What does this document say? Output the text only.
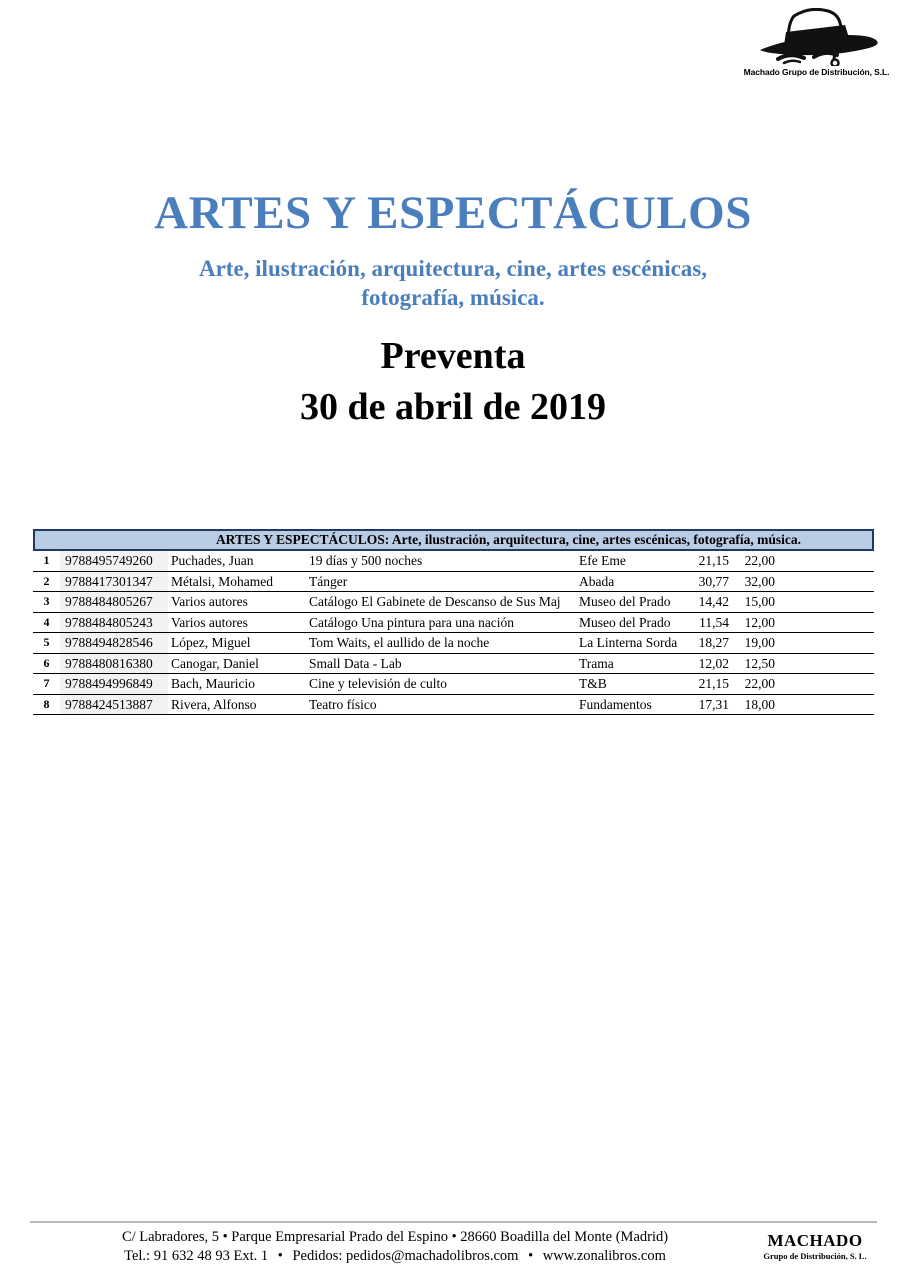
Machado Grupo de Distribución, S.L.
ARTES Y ESPECTÁCULOS
Arte, ilustración, arquitectura, cine, artes escénicas,
fotografía, música.
Preventa
30 de abril de 2019
ARTES Y ESPECTÁCULOS: Arte, ilustración, arquitectura, cine, artes escénicas, fotografía, música.
1	9788495749260	Puchades, Juan	19 días y 500 noches	Efe Eme	21,15	22,00
2	9788417301347	Métalsi, Mohamed	Tánger	Abada	30,77	32,00
3	9788484805267	Varios autores	Catálogo El Gabinete de Descanso de Sus Maj	Museo del Prado	14,42	15,00
4	9788484805243	Varios autores	Catálogo Una pintura para una nación	Museo del Prado	11,54	12,00
5	9788494828546	López, Miguel	Tom Waits, el aullido de la noche	La Linterna Sorda	18,27	19,00
6	9788480816380	Canogar, Daniel	Small Data - Lab	Trama	12,02	12,50
7	9788494996849	Bach, Mauricio	Cine y televisión de culto	T&B	21,15	22,00
8	9788424513887	Rivera, Alfonso	Teatro físico	Fundamentos	17,31	18,00
C/ Labradores, 5 • Parque Empresarial Prado del Espino • 28660 Boadilla del Monte (Madrid)
Tel.: 91 632 48 93 Ext. 1 • Pedidos: pedidos@machadolibros.com • www.zonalibros.com
MACHADO
Grupo de Distribución, S. L.
